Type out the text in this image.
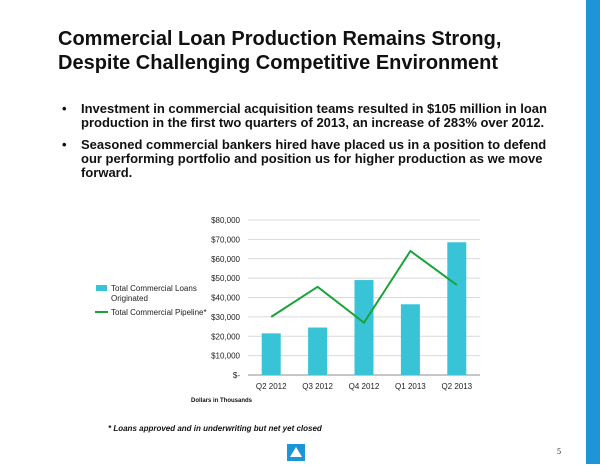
Commercial Loan Production Remains Strong,
Despite Challenging Competitive Environment
• Investment in commercial acquisition teams resulted in $105 million in loan production in the first two quarters of 2013, an increase of 283% over 2012.
• Seasoned commercial bankers hired have placed us in a position to defend our performing portfolio and position us for higher production as we move forward.
$80,000
$70,000
$60,000
$50,000
$40,000
$30,000
$20,000
$10,000
$-
Q2 2012 Q3 2012 Q4 2012 Q1 2013 Q2 2013
Total Commercial Loans Originated
Total Commercial Pipeline*
Dollars in Thousands
* Loans approved and in underwriting but net yet closed
5
